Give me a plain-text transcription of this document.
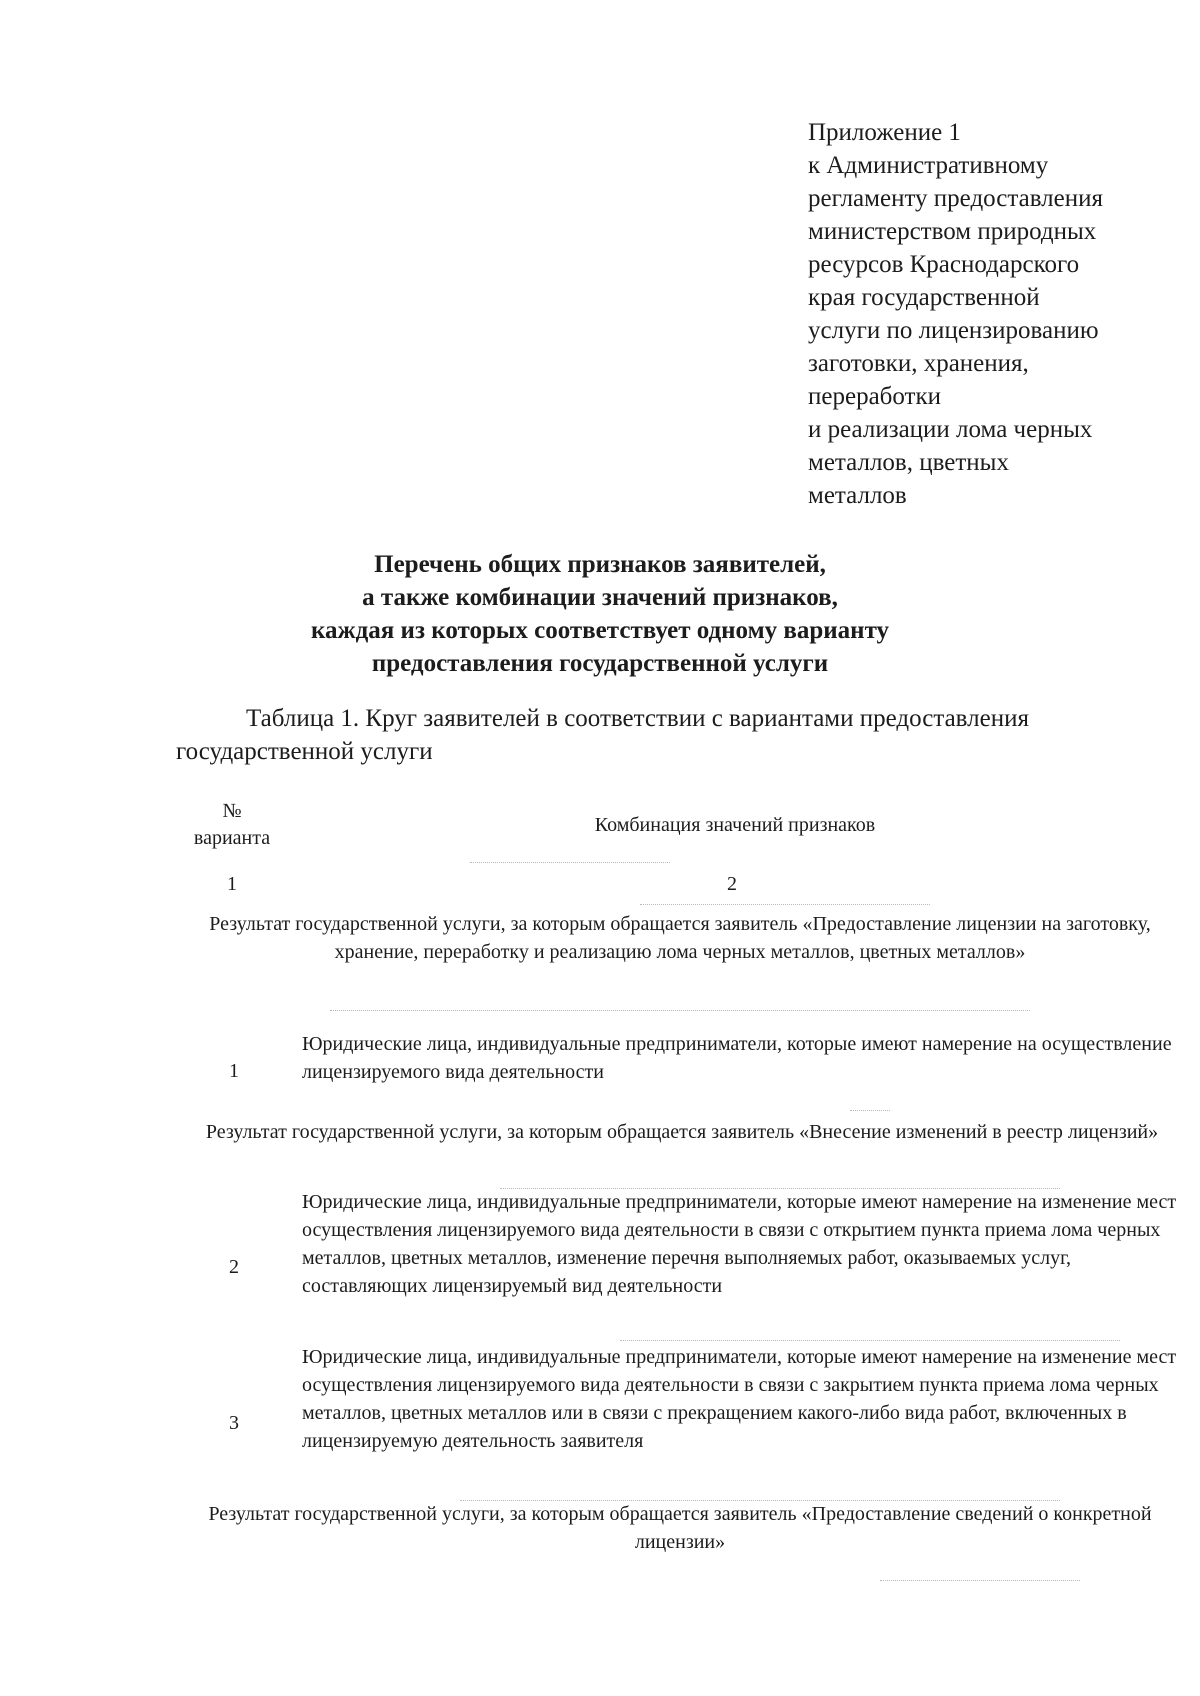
Приложение 1
к Административному
регламенту предоставления
министерством природных
ресурсов Краснодарского
края государственной
услуги по лицензированию
заготовки, хранения,
переработки
и реализации лома черных
металлов, цветных
металлов
Перечень общих признаков заявителей,
а также комбинации значений признаков,
каждая из которых соответствует одному варианту
предоставления государственной услуги
Таблица 1. Круг заявителей в соответствии с вариантами предоставления государственной услуги
№ варианта
Комбинация значений признаков
1	2
Результат государственной услуги, за которым обращается заявитель «Предоставление лицензии на заготовку, хранение, переработку и реализацию лома черных металлов, цветных металлов»
1
Юридические лица, индивидуальные предприниматели, которые имеют намерение на осуществление лицензируемого вида деятельности
Результат государственной услуги, за которым обращается заявитель «Внесение изменений в реестр лицензий»
2
Юридические лица, индивидуальные предприниматели, которые имеют намерение на изменение мест осуществления лицензируемого вида деятельности в связи с открытием пункта приема лома черных металлов, цветных металлов, изменение перечня выполняемых работ, оказываемых услуг, составляющих лицензируемый вид деятельности
3
Юридические лица, индивидуальные предприниматели, которые имеют намерение на изменение мест осуществления лицензируемого вида деятельности в связи с закрытием пункта приема лома черных металлов, цветных металлов или в связи с прекращением какого-либо вида работ, включенных в лицензируемую деятельность заявителя
Результат государственной услуги, за которым обращается заявитель «Предоставление сведений о конкретной лицензии»
